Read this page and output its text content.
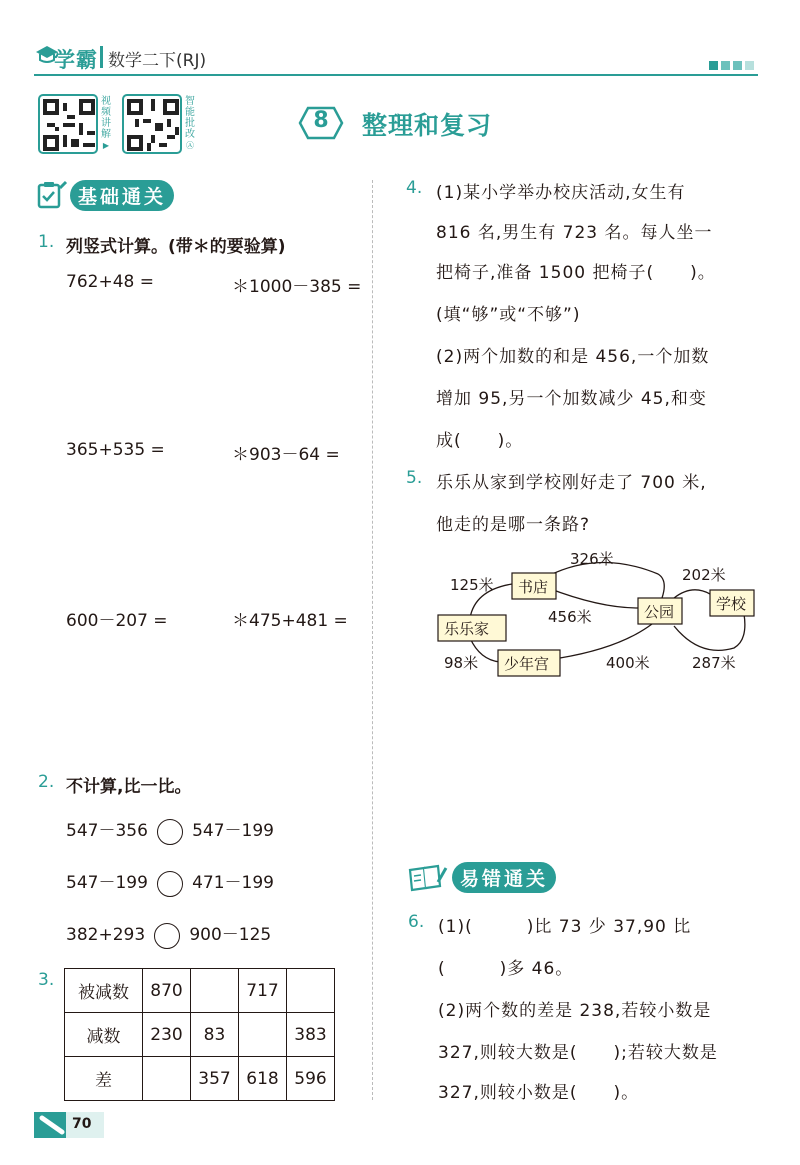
学霸 数学二下(RJ)
视
频
讲
解
▶
智
能
批
改
Ⓐ
8	整理和复习
基础通关
1. 列竖式计算。(带＊的要验算)
762+48 =	＊1000－385 =
365+535 =	＊903－64 =
600－207 =	＊475+481 =
2. 不计算,比一比。
547－356	547－199
547－199	471－199
382+293	900－125
3.
被减数	870		717	
减数	230	83		383
差		357	618	596
4. (1)某小学举办校庆活动,女生有
816 名,男生有 723 名。每人坐一
把椅子,准备 1500 把椅子(　　)。
(填“够”或“不够”)
(2)两个加数的和是 456,一个加数
增加 95,另一个加数减少 45,和变
成(　　)。
5. 乐乐从家到学校刚好走了 700 米,
他走的是哪一条路?
乐乐家
书店
少年宫
公园	学校
326米
125米
456米
98米	400米
202米
287米
易错通关
6. (1)(　　　)比 73 少 37,90 比
(　　　)多 46。
(2)两个数的差是 238,若较小数是
327,则较大数是(　　);若较大数是
327,则较小数是(　　)。
70
